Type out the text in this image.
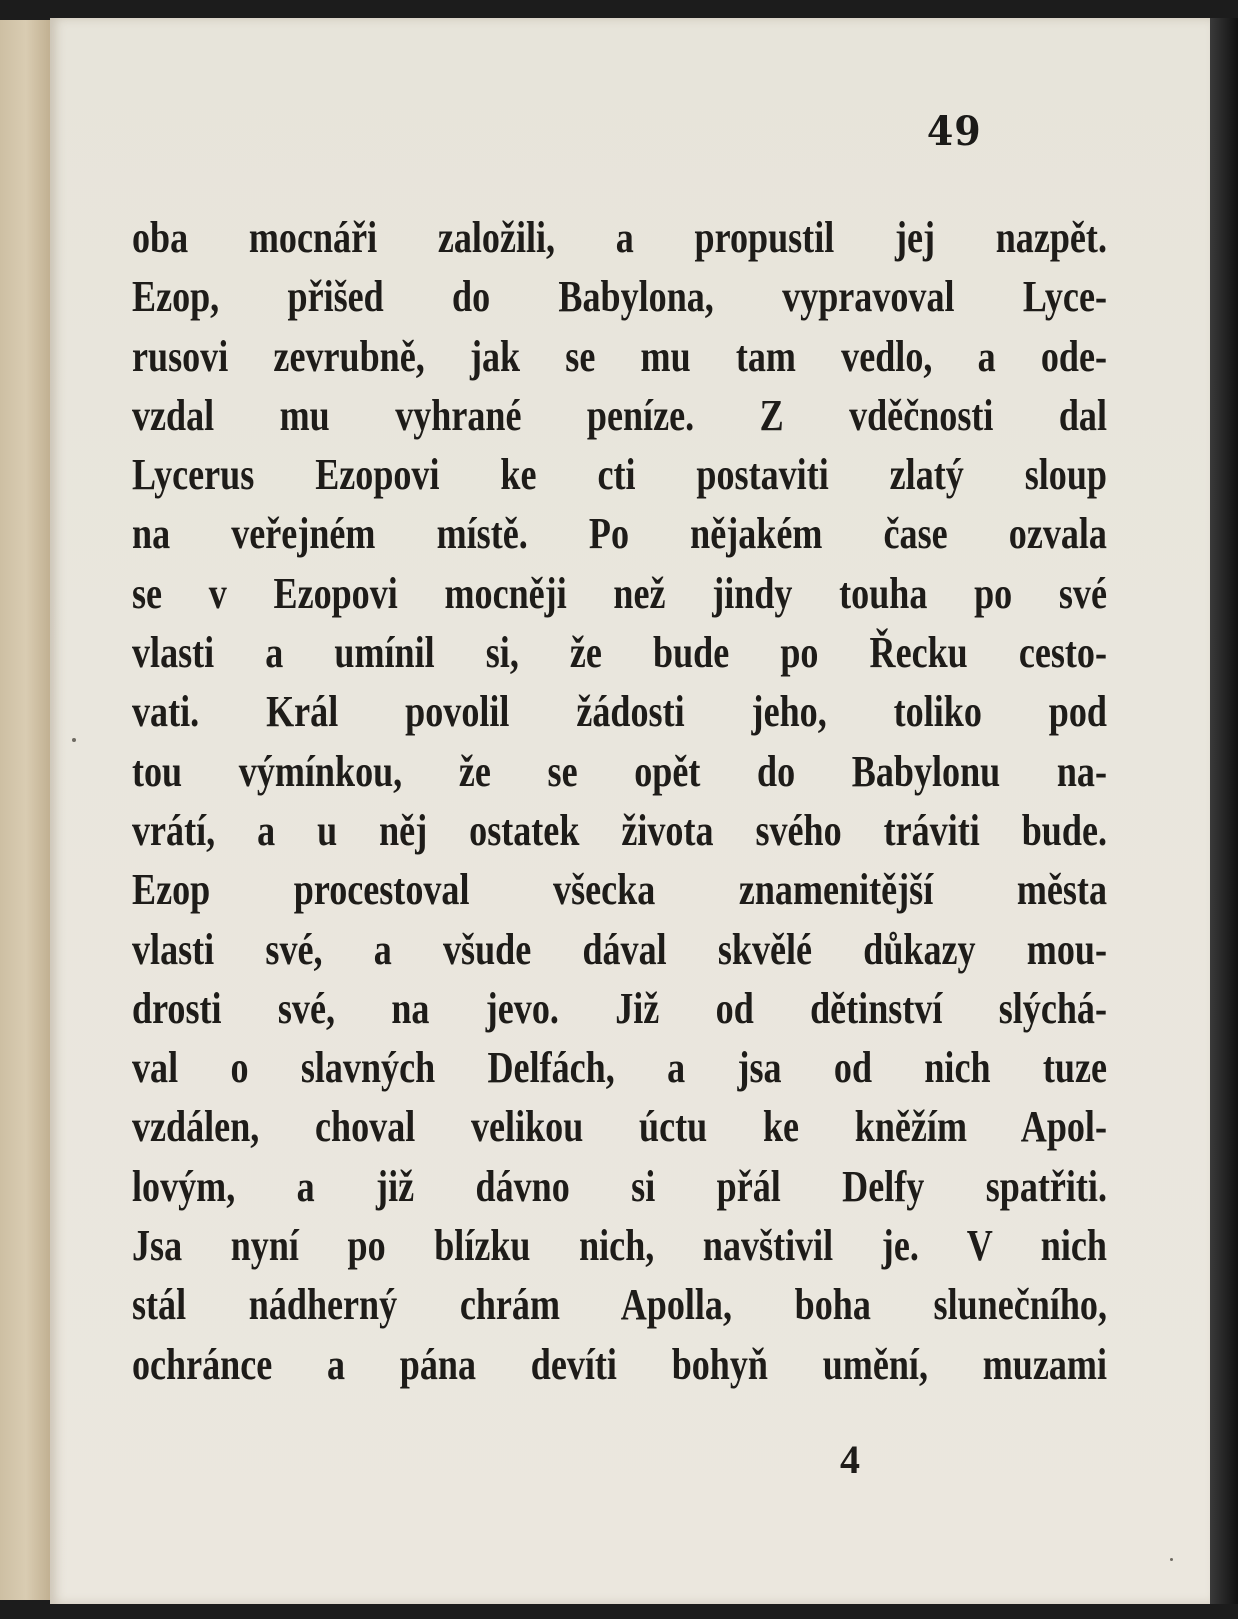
49
oba mocnáři založili, a propustil jej nazpět.
Ezop, přišed do Babylona, vypravoval Lyce-
rusovi zevrubně, jak se mu tam vedlo, a ode-
vzdal mu vyhrané peníze. Z vděčnosti dal
Lycerus Ezopovi ke cti postaviti zlatý sloup
na veřejném místě. Po nějakém čase ozvala
se v Ezopovi mocněji než jindy touha po své
vlasti a umínil si, že bude po Řecku cesto-
vati. Král povolil žádosti jeho, toliko pod
tou výmínkou, že se opět do Babylonu na-
vrátí, a u něj ostatek života svého tráviti bude.
Ezop procestoval všecka znamenitější města
vlasti své, a všude dával skvělé důkazy mou-
drosti své, na jevo. Již od dětinství slýchá-
val o slavných Delfách, a jsa od nich tuze
vzdálen, choval velikou úctu ke kněžím Apol-
lovým, a již dávno si přál Delfy spatřiti.
Jsa nyní po blízku nich, navštivil je. V nich
stál nádherný chrám Apolla, boha slunečního,
ochránce a pána devíti bohyň umění, muzami
4
